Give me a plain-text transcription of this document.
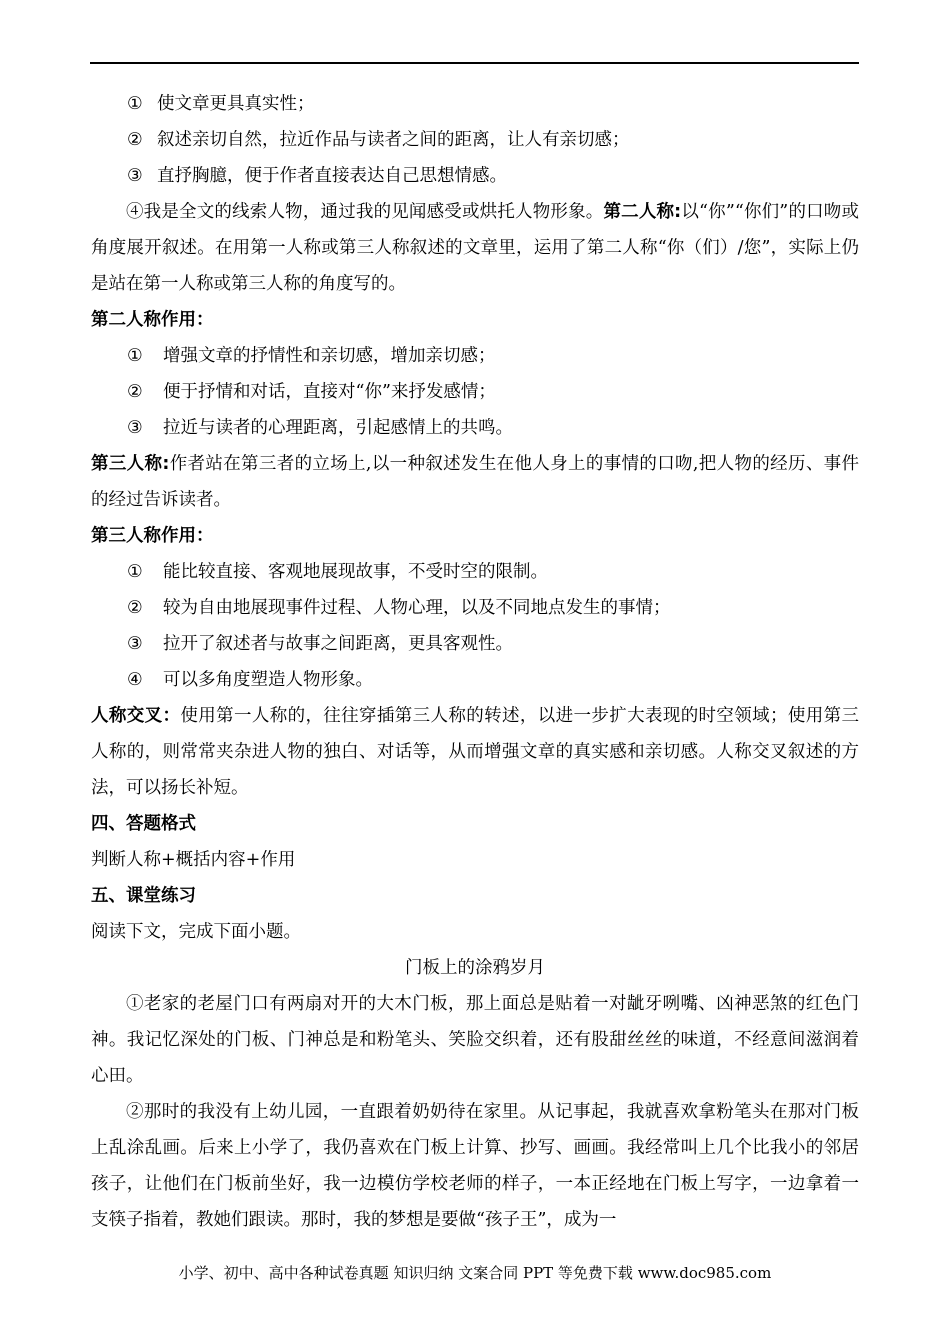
① 使文章更具真实性；

② 叙述亲切自然，拉近作品与读者之间的距离，让人有亲切感；

③ 直抒胸臆，便于作者直接表达自己思想情感。

④我是全文的线索人物，通过我的见闻感受或烘托人物形象。第二人称:以“你”“你们”的口吻或角度展开叙述。在用第一人称或第三人称叙述的文章里，运用了第二人称“你（们）/您”，实际上仍是站在第一人称或第三人称的角度写的。

第二人称作用：

① 增强文章的抒情性和亲切感，增加亲切感；

② 便于抒情和对话，直接对“你”来抒发感情；

③ 拉近与读者的心理距离，引起感情上的共鸣。

第三人称:作者站在第三者的立场上,以一种叙述发生在他人身上的事情的口吻,把人物的经历、事件的经过告诉读者。

第三人称作用：

① 能比较直接、客观地展现故事，不受时空的限制。

② 较为自由地展现事件过程、人物心理，以及不同地点发生的事情；

③ 拉开了叙述者与故事之间距离，更具客观性。

④ 可以多角度塑造人物形象。

人称交叉：使用第一人称的，往往穿插第三人称的转述，以进一步扩大表现的时空领域；使用第三人称的，则常常夹杂进人物的独白、对话等，从而增强文章的真实感和亲切感。人称交叉叙述的方法，可以扬长补短。

四、答题格式

判断人称+概括内容+作用

五、课堂练习

阅读下文，完成下面小题。

门板上的涂鸦岁月

①老家的老屋门口有两扇对开的大木门板，那上面总是贴着一对龇牙咧嘴、凶神恶煞的红色门神。我记忆深处的门板、门神总是和粉笔头、笑脸交织着，还有股甜丝丝的味道，不经意间滋润着心田。

②那时的我没有上幼儿园，一直跟着奶奶待在家里。从记事起，我就喜欢拿粉笔头在那对门板上乱涂乱画。后来上小学了，我仍喜欢在门板上计算、抄写、画画。我经常叫上几个比我小的邻居孩子，让他们在门板前坐好，我一边模仿学校老师的样子，一本正经地在门板上写字，一边拿着一支筷子指着，教她们跟读。那时，我的梦想是要做“孩子王”，成为一

小学、初中、高中各种试卷真题 知识归纳 文案合同 PPT 等免费下载 www.doc985.com
